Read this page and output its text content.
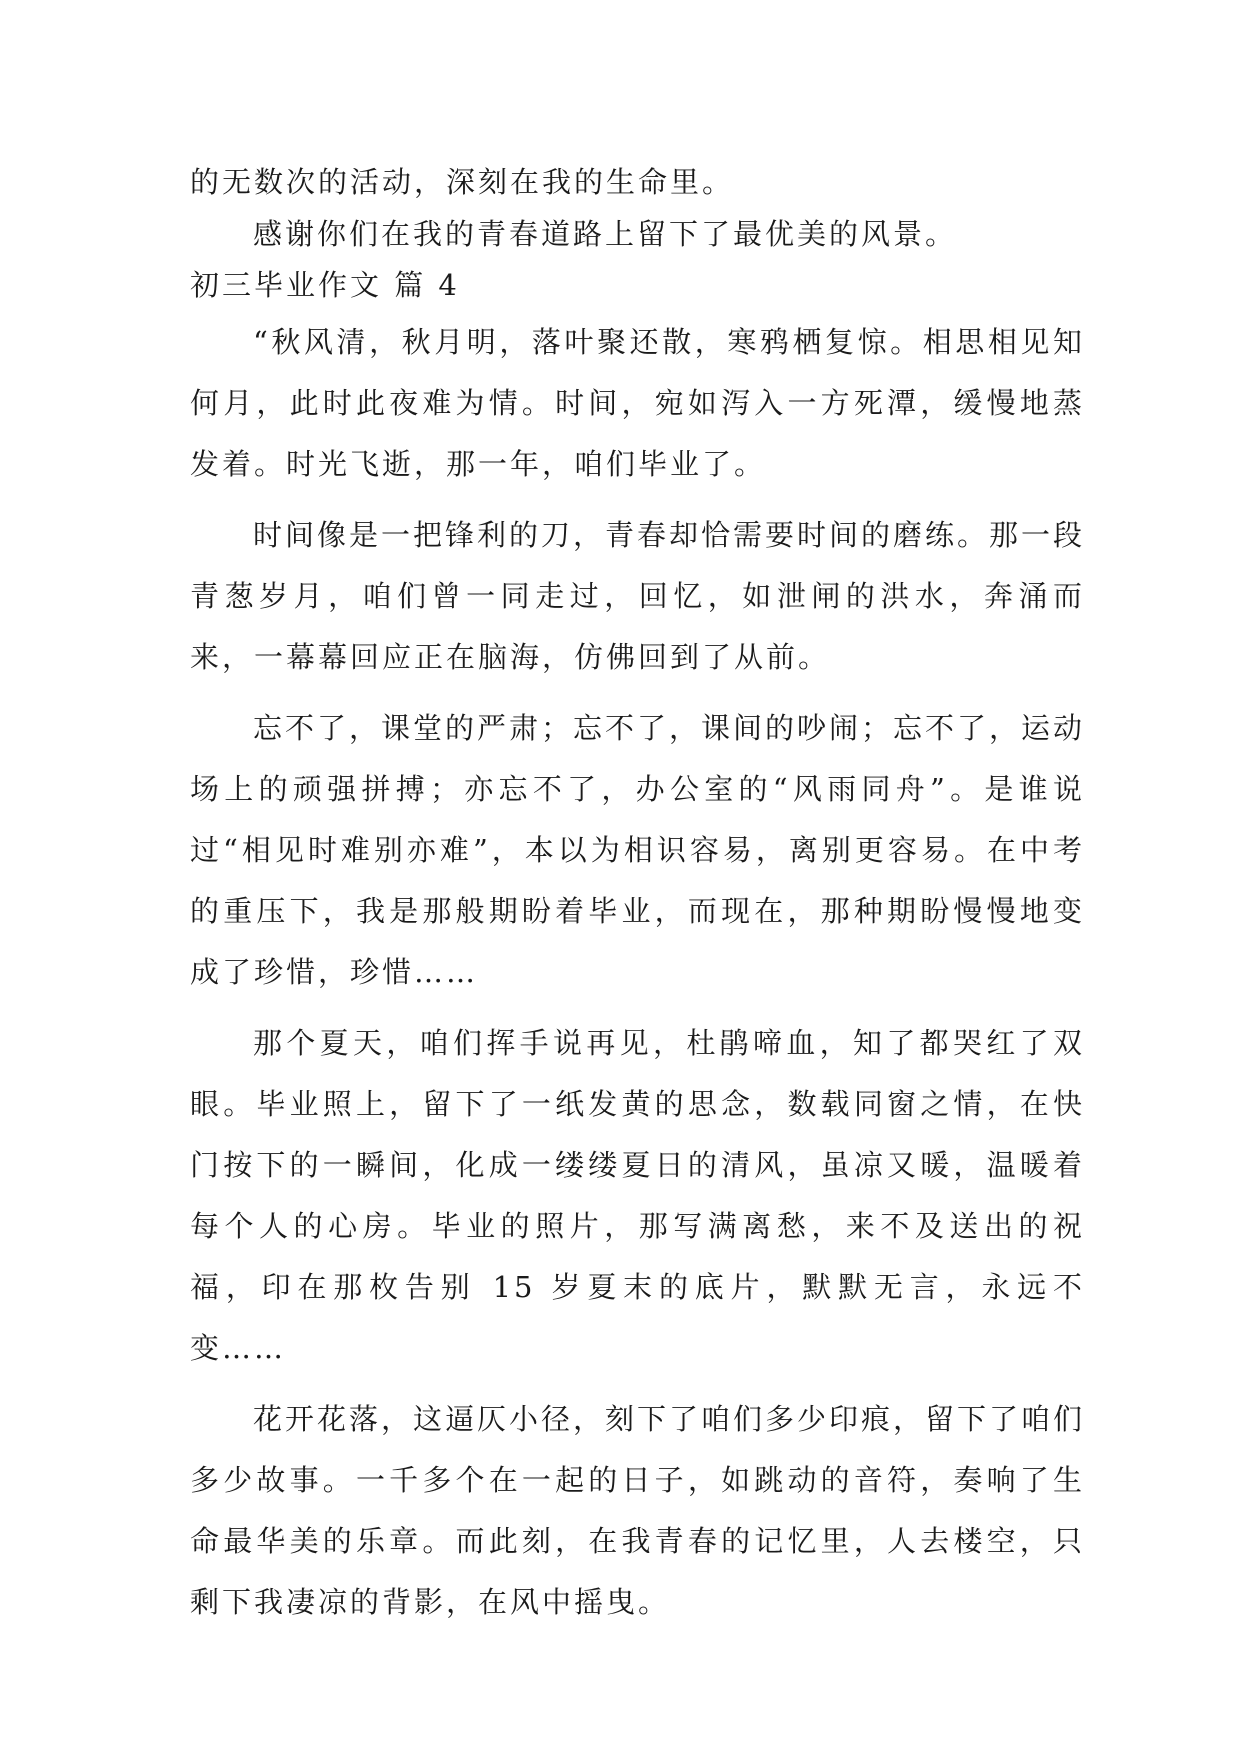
的无数次的活动，深刻在我的生命里。

感谢你们在我的青春道路上留下了最优美的风景。

初三毕业作文 篇 4

“秋风清，秋月明，落叶聚还散，寒鸦栖复惊。相思相见知何月，此时此夜难为情。时间，宛如泻入一方死潭，缓慢地蒸发着。时光飞逝，那一年，咱们毕业了。

时间像是一把锋利的刀，青春却恰需要时间的磨练。那一段青葱岁月，咱们曾一同走过，回忆，如泄闸的洪水，奔涌而来，一幕幕回应正在脑海，仿佛回到了从前。

忘不了，课堂的严肃；忘不了，课间的吵闹；忘不了，运动场上的顽强拼搏；亦忘不了，办公室的“风雨同舟”。是谁说过“相见时难别亦难”，本以为相识容易，离别更容易。在中考的重压下，我是那般期盼着毕业，而现在，那种期盼慢慢地变成了珍惜，珍惜……

那个夏天，咱们挥手说再见，杜鹃啼血，知了都哭红了双眼。毕业照上，留下了一纸发黄的思念，数载同窗之情，在快门按下的一瞬间，化成一缕缕夏日的清风，虽凉又暖，温暖着每个人的心房。毕业的照片，那写满离愁，来不及送出的祝福，印在那枚告别 15 岁夏末的底片，默默无言，永远不变……

花开花落，这逼仄小径，刻下了咱们多少印痕，留下了咱们多少故事。一千多个在一起的日子，如跳动的音符，奏响了生命最华美的乐章。而此刻，在我青春的记忆里，人去楼空，只剩下我凄凉的背影，在风中摇曳。
